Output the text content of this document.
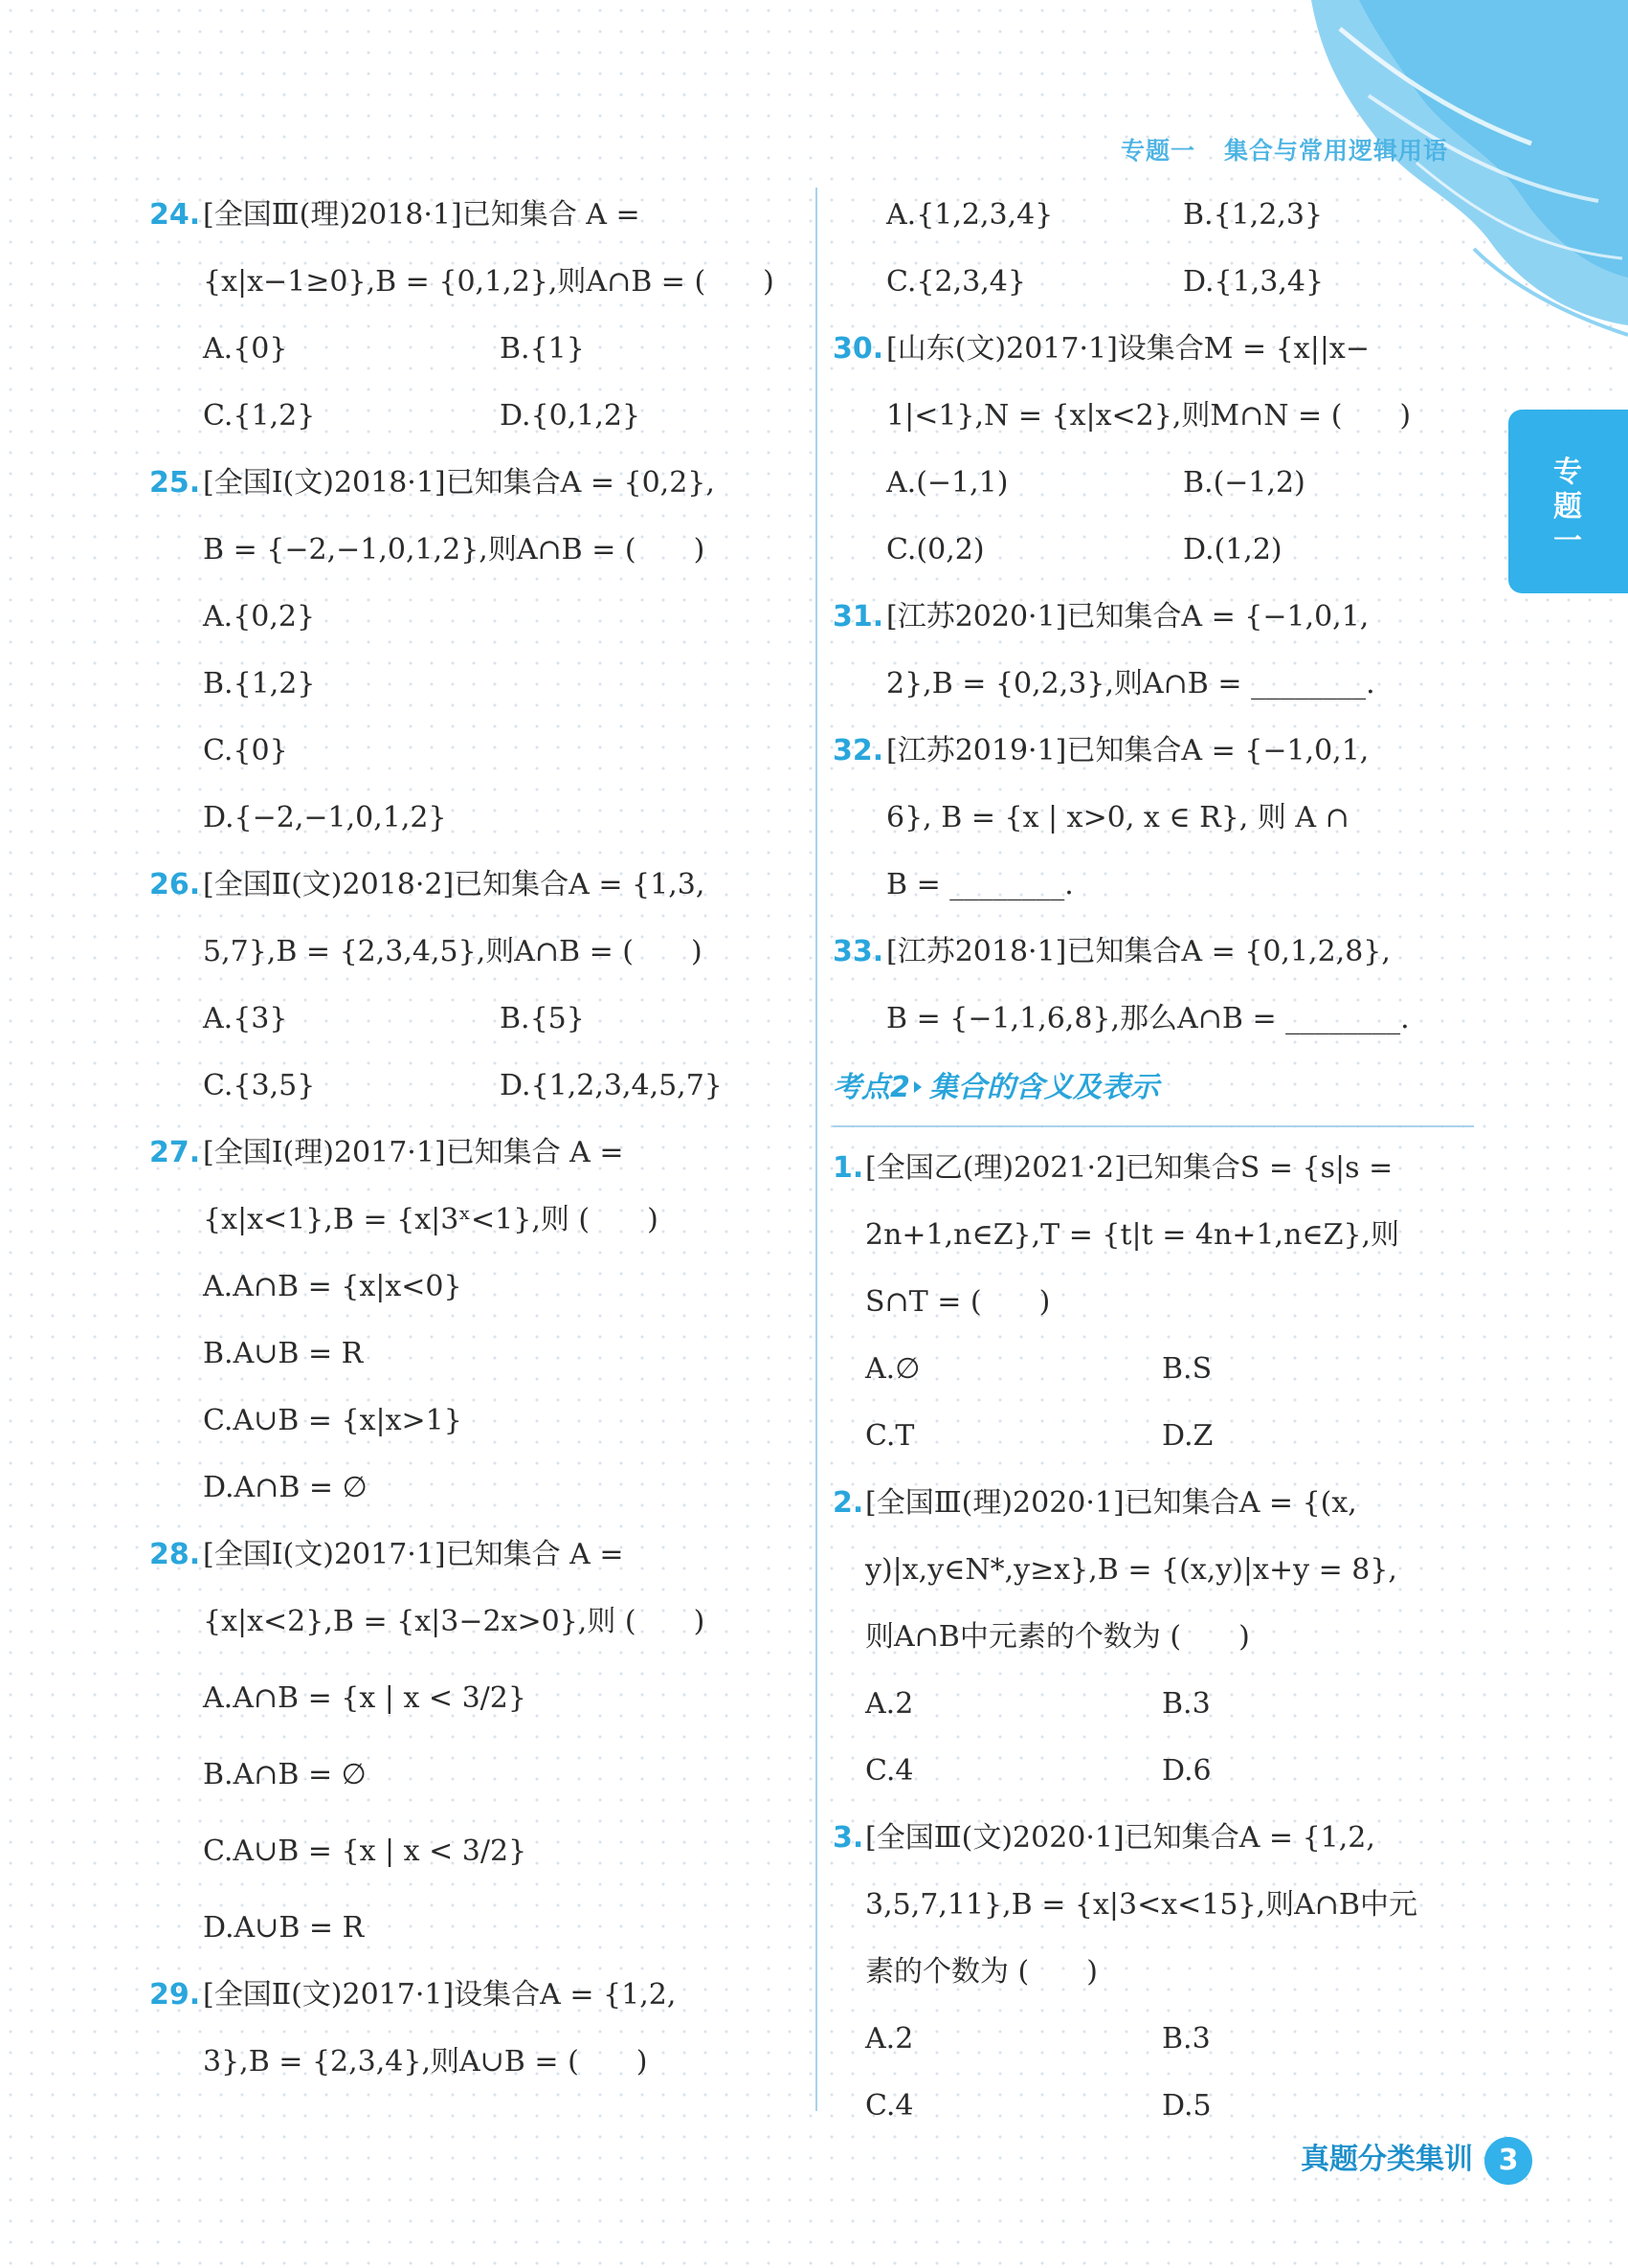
专题一 集合与常用逻辑用语
专题一
24.[全国Ⅲ(理)2018·1]已知集合 A =
{x|x−1≥0},B = {0,1,2},则A∩B = (　　)
A.{0}	B.{1}
C.{1,2}	D.{0,1,2}
25.[全国Ⅰ(文)2018·1]已知集合A = {0,2},
B = {−2,−1,0,1,2},则A∩B = (　　)
A.{0,2}
B.{1,2}
C.{0}
D.{−2,−1,0,1,2}
26.[全国Ⅱ(文)2018·2]已知集合A = {1,3,
5,7},B = {2,3,4,5},则A∩B = (　　)
A.{3}	B.{5}
C.{3,5}	D.{1,2,3,4,5,7}
27.[全国Ⅰ(理)2017·1]已知集合 A =
{x|x<1},B = {x|3ˣ<1},则 (　　)
A.A∩B = {x|x<0}
B.A∪B = R
C.A∪B = {x|x>1}
D.A∩B = ∅
28.[全国Ⅰ(文)2017·1]已知集合 A =
{x|x<2},B = {x|3−2x>0},则 (　　)
A.A∩B = {x | x < 3/2}
B.A∩B = ∅
C.A∪B = {x | x < 3/2}
D.A∪B = R
29.[全国Ⅱ(文)2017·1]设集合A = {1,2,
3},B = {2,3,4},则A∪B = (　　)
A.{1,2,3,4}	B.{1,2,3}
C.{2,3,4}	D.{1,3,4}
30.[山东(文)2017·1]设集合M = {x||x−
1|<1},N = {x|x<2},则M∩N = (　　)
A.(−1,1)	B.(−1,2)
C.(0,2)	D.(1,2)
31.[江苏2020·1]已知集合A = {−1,0,1,
2},B = {0,2,3},则A∩B = ________.
32.[江苏2019·1]已知集合A = {−1,0,1,
6}, B = {x | x>0, x ∈ R}, 则 A ∩
B = ________.
33.[江苏2018·1]已知集合A = {0,1,2,8},
B = {−1,1,6,8},那么A∩B = ________.
考点2 集合的含义及表示
1.[全国乙(理)2021·2]已知集合S = {s|s =
2n+1,n∈Z},T = {t|t = 4n+1,n∈Z},则
S∩T = (　　)
A.∅	B.S
C.T	D.Z
2.[全国Ⅲ(理)2020·1]已知集合A = {(x,
y)|x,y∈N*,y≥x},B = {(x,y)|x+y = 8},
则A∩B中元素的个数为 (　　)
A.2	B.3
C.4	D.6
3.[全国Ⅲ(文)2020·1]已知集合A = {1,2,
3,5,7,11},B = {x|3<x<15},则A∩B中元
素的个数为 (　　)
A.2	B.3
C.4	D.5
真题分类集训 3
